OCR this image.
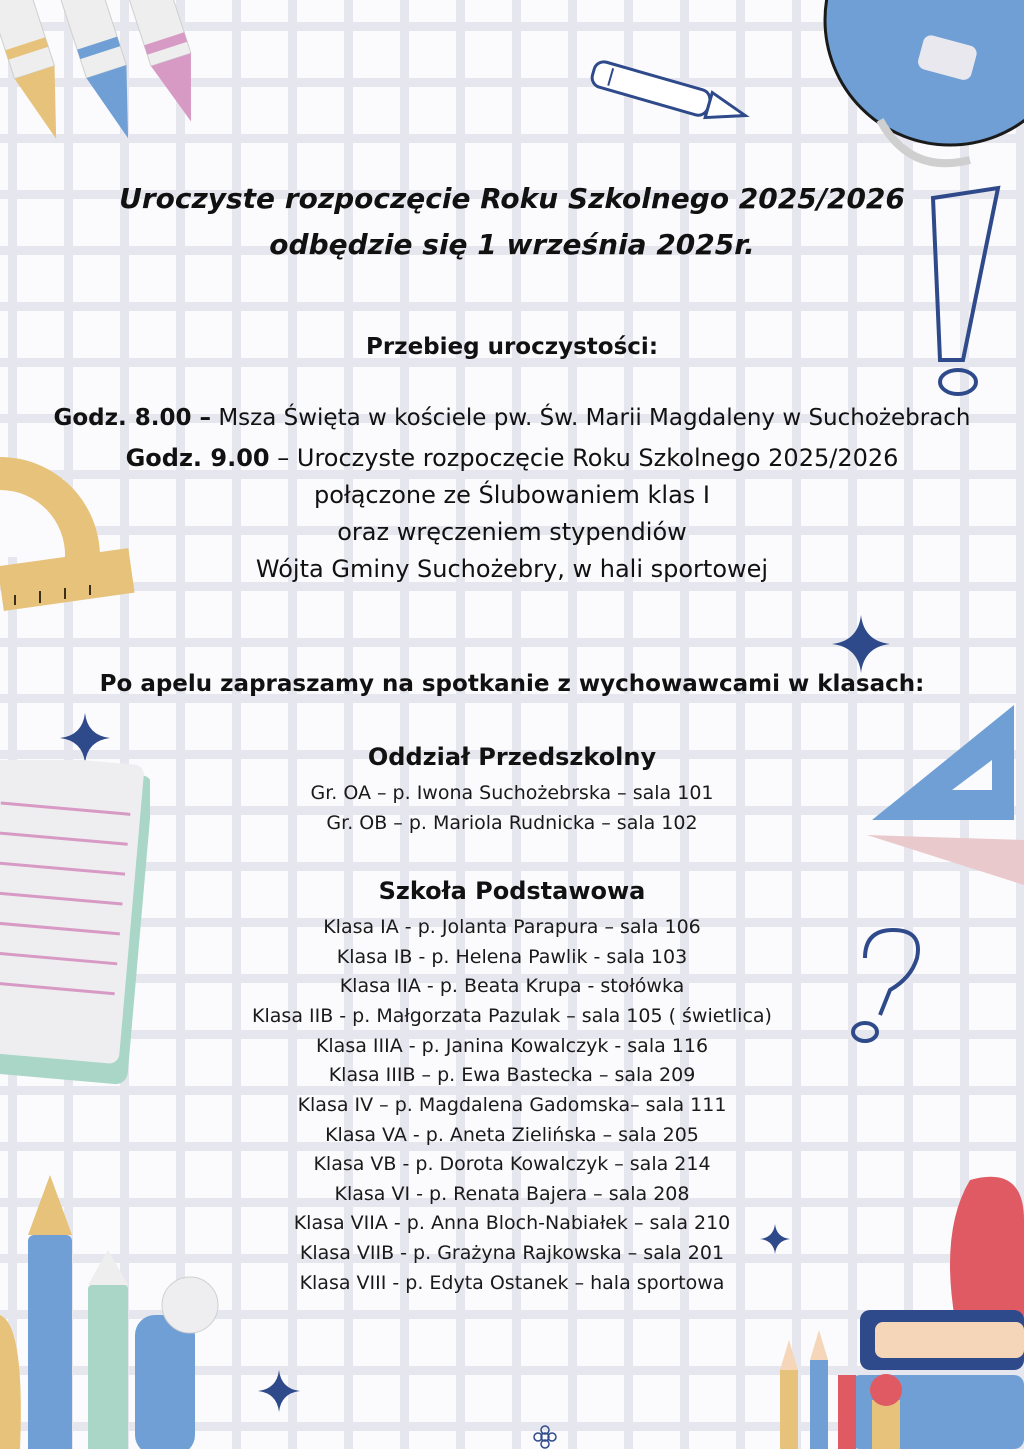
Uroczyste rozpoczęcie Roku Szkolnego 2025/2026
odbędzie się 1 września 2025r.
Przebieg uroczystości:
Godz. 8.00 – Msza Święta w kościele pw. Św. Marii Magdaleny w Suchożebrach
Godz. 9.00 – Uroczyste rozpoczęcie Roku Szkolnego 2025/2026
połączone ze Ślubowaniem klas I
oraz wręczeniem stypendiów
Wójta Gminy Suchożebry, w hali sportowej
Po apelu zapraszamy na spotkanie z wychowawcami w klasach:
Oddział Przedszkolny
Gr. OA – p. Iwona Suchożebrska – sala 101
Gr. OB – p. Mariola Rudnicka – sala 102
Szkoła Podstawowa
Klasa IA - p. Jolanta Parapura – sala 106
Klasa IB - p. Helena Pawlik - sala 103
Klasa IIA - p. Beata Krupa - stołówka
Klasa IIB - p. Małgorzata Pazulak – sala 105 ( świetlica)
Klasa IIIA - p. Janina Kowalczyk - sala 116
Klasa IIIB – p. Ewa Bastecka – sala 209
Klasa IV – p. Magdalena Gadomska– sala 111
Klasa VA - p. Aneta Zielińska – sala 205
Klasa VB - p. Dorota Kowalczyk – sala 214
Klasa VI - p. Renata Bajera – sala 208
Klasa VIIA - p. Anna Bloch-Nabiałek – sala 210
Klasa VIIB - p. Grażyna Rajkowska – sala 201
Klasa VIII - p. Edyta Ostanek – hala sportowa
